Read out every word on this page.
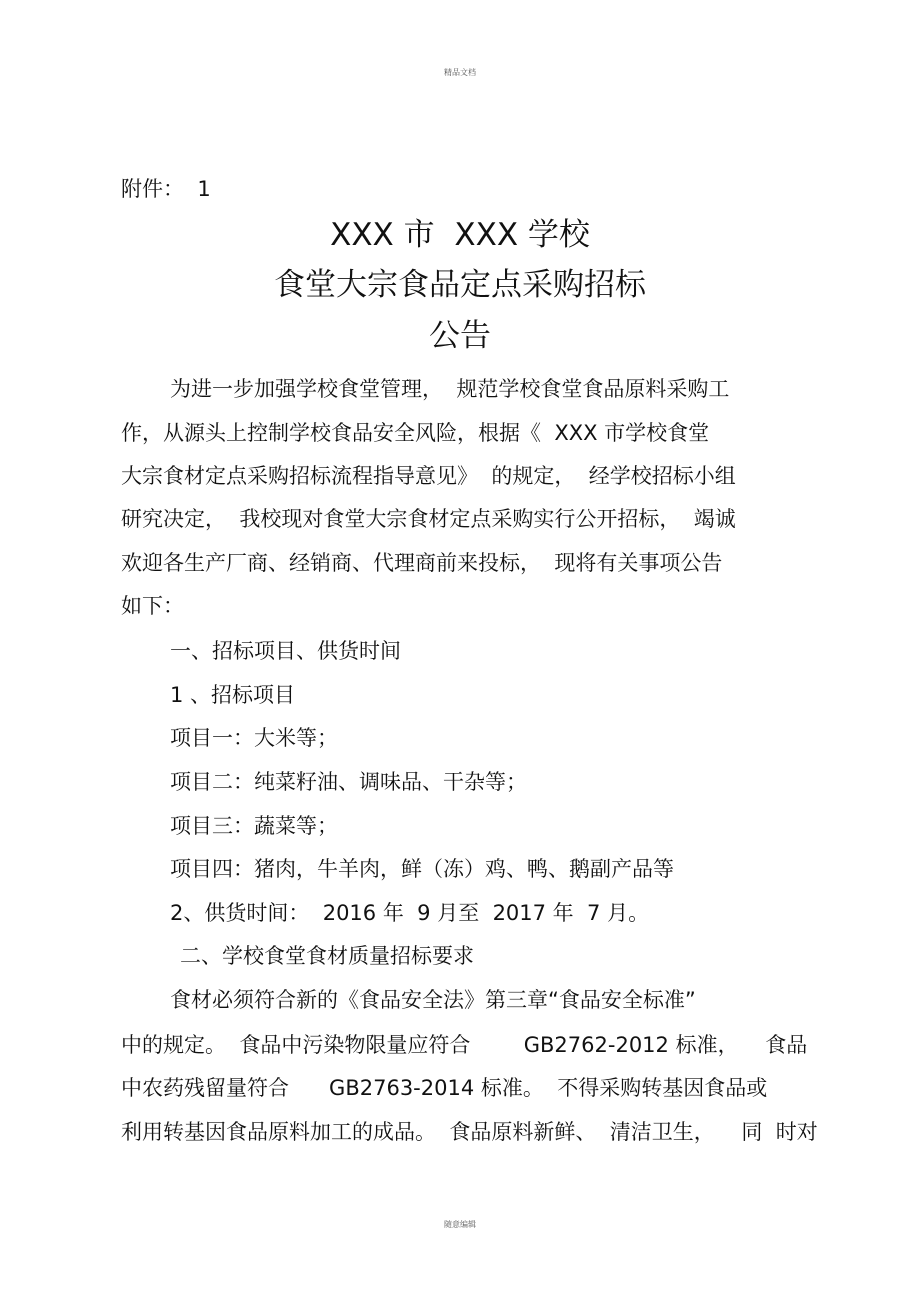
精品文档
附件：  1
XXX 市  XXX 学校
食堂大宗食品定点采购招标
公告
为进一步加强学校食堂管理，  规范学校食堂食品原料采购工
作，从源头上控制学校食品安全风险，根据《  XXX 市学校食堂
大宗食材定点采购招标流程指导意见》  的规定，  经学校招标小组
研究决定，  我校现对食堂大宗食材定点采购实行公开招标，  竭诚
欢迎各生产厂商、经销商、代理商前来投标，  现将有关事项公告
如下：
一、招标项目、供货时间
1 、招标项目
项目一：大米等；
项目二：纯菜籽油、调味品、干杂等；
项目三：蔬菜等；
项目四：猪肉，牛羊肉，鲜（冻）鸡、鸭、鹅副产品等
2、供货时间：  2016 年  9 月至  2017 年  7 月。
二、学校食堂食材质量招标要求
食材必须符合新的《食品安全法》第三章“食品安全标准”
中的规定。  食品中污染物限量应符合        GB2762-2012 标准，    食品
中农药残留量符合      GB2763-2014 标准。  不得采购转基因食品或
利用转基因食品原料加工的成品。  食品原料新鲜、  清洁卫生，    同  时对
随意编辑
